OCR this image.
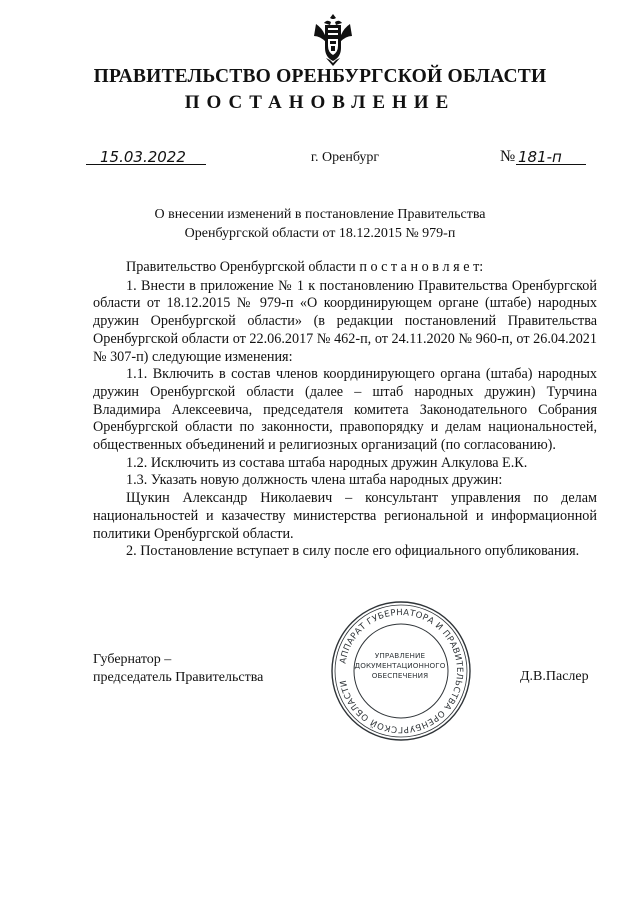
ПРАВИТЕЛЬСТВО ОРЕНБУРГСКОЙ ОБЛАСТИ
ПОСТАНОВЛЕНИЕ
15.03.2022	г. Оренбург	№ 181-п
О внесении изменений в постановление Правительства
Оренбургской области от 18.12.2015 № 979-п

Правительство Оренбургской области п о с т а н о в л я е т:

1. Внести в приложение № 1 к постановлению Правительства Оренбургской области от 18.12.2015 № 979-п «О координирующем органе (штабе) народных дружин Оренбургской области» (в редакции постановлений Правительства Оренбургской области от 22.06.2017 № 462-п, от 24.11.2020 № 960-п, от 26.04.2021 № 307-п) следующие изменения:

1.1. Включить в состав членов координирующего органа (штаба) народных дружин Оренбургской области (далее – штаб народных дружин) Турчина Владимира Алексеевича, председателя комитета Законодательного Собрания Оренбургской области по законности, правопорядку и делам национальностей, общественных объединений и религиозных организаций (по согласованию).

1.2. Исключить из состава штаба народных дружин Алкулова Е.К.

1.3. Указать новую должность члена штаба народных дружин:

Щукин Александр Николаевич – консультант управления по делам национальностей и казачеству министерства региональной и информационной политики Оренбургской области.

2. Постановление вступает в силу после его официального опубликования.

Губернатор –
председатель Правительства	Д.В.Паслер
АППАРАТ ГУБЕРНАТОРА И ПРАВИТЕЛЬСТВА ОРЕНБУРГСКОЙ ОБЛАСТИ
УПРАВЛЕНИЕ
ДОКУМЕНТАЦИОННОГО
ОБЕСПЕЧЕНИЯ
